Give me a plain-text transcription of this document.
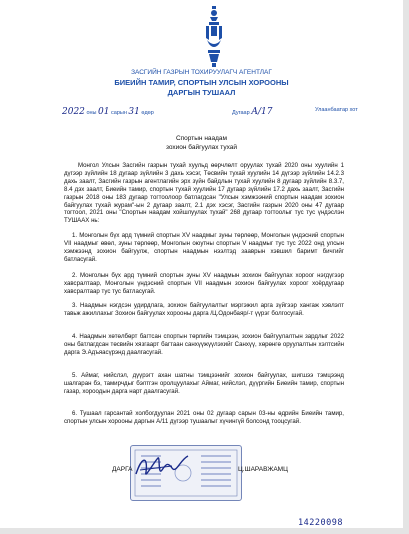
ЗАСГИЙН ГАЗРЫН ТОХИРУУЛАГЧ АГЕНТЛАГ
БИЕИЙН ТАМИР, СПОРТЫН УЛСЫН ХОРООНЫ
ДАРГЫН ТУШААЛ
2022 оны 01 сарын 31 өдөр	Дугаар А/17	Улаанбаатар хот
Спортын наадам
зохион байгуулах тухай

Монгол Улсын Засгийн газрын тухай хуульд өөрчлөлт оруулах тухай 2020 оны хуулийн 1 дүгээр зүйлийн 18 дугаар зүйлийн 3 дахь хэсэг, Төсвийн тухай хуулийн 14 дүгээр зүйлийн 14.2.3 дахь заалт, Засгийн газрын агентлагийн эрх зүйн байдлын тухай хуулийн 8 дугаар зүйлийн 8.3.7, 8.4 дэх заалт, Биеийн тамир, спортын тухай хуулийн 17 дугаар зүйлийн 17.2 дахь заалт, Засгийн газрын 2018 оны 183 дугаар тогтоолоор батлагдсан "Улсын хэмжээний спортын наадам зохион байгуулах тухай журам"-ын 2 дугаар заалт, 2.1 дэх хэсэг, Засгийн газрын 2020 оны 47 дугаар тогтоол, 2021 оны "Спортын наадам хойшлуулах тухай" 268 дугаар тогтоолыг тус тус үндэслэн ТУШААХ нь:

1. Монголын бүх ард түмний спортын XV наадмыг зуны төрлөөр, Монголын үндэсний спортын VII наадмыг өвөл, зуны төрлөөр, Монголын оюутны спортын V наадмыг тус тус 2022 онд улсын хэмжээнд зохион байгуулж, спортын наадмын нээлтэд зааврын хэвшил баримт бичгийг батласугай.

2. Монголын бүх ард түмний спортын зуны XV наадмын зохион байгуулах хороог нэгдүгээр хавсралтаар, Монголын үндэсний спортын VII наадмын зохион байгуулах хороог хоёрдугаар хавсралтаар тус тус батласугай.

3. Наадмын нэгдсэн удирдлага, зохион байгуулалтыг мэргэжил арга зүйгээр хангаж хэвлэлт тавьж ажиллахыг Зохион байгуулах хорооны дарга /Ц.Одонбаяр/-т үүрэг болгосугай.

4. Наадмын хөтөлбөрт багтсан спортын төрлийн тэмцээн, зохион байгуулалтын зардлыг 2022 оны батлагдсан төсвийн хязгаарт багтаан санхүүжүүлэхийг Санхүү, хөрөнгө оруулалтын хэлтсийн дарга Э.Адъяасүрэнд даалгасугай.

5. Аймаг, нийслэл, дүүрэгт ахан шатны тэмцээнийг зохион байгуулах, шигшээ тэмцээнд шалгаран бэ, тамирчдыг бэлтгэн оролцуулахыг Аймаг, нийслэл, дүүргийн Биеийн тамир, спортын газар, хороодын дарга нарт даалгасугай.

6. Тушаал гарсантай холбогдуулан 2021 оны 02 дугаар сарын 03-ны өдрийн Биеийн тамир, спортын улсын хорооны даргын А/11 дүгээр тушаалыг хүчингүй болсонд тооцсугай.

ДАРГА	Ц.ШАРАВЖАМЦ
14220098
